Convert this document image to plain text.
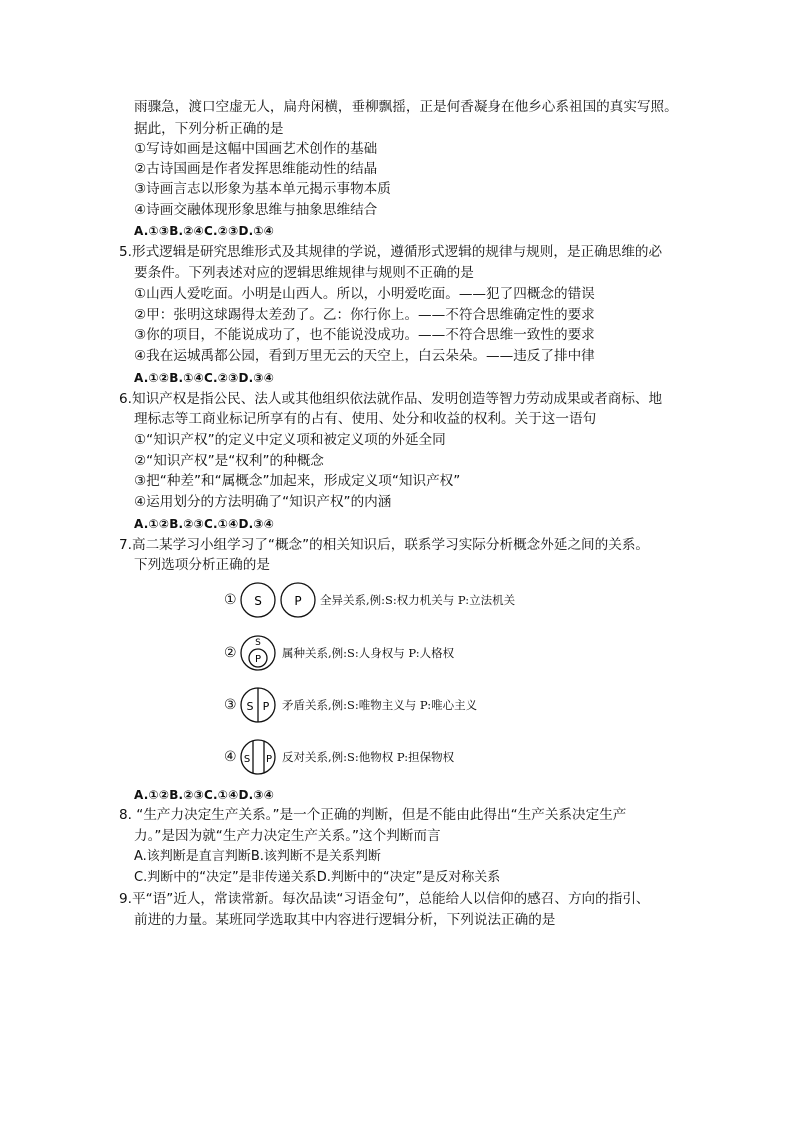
雨骤急，渡口空虚无人，扁舟闲横，垂柳飘摇，正是何香凝身在他乡心系祖国的真实写照。
据此，下列分析正确的是
①写诗如画是这幅中国画艺术创作的基础
②古诗国画是作者发挥思维能动性的结晶
③诗画言志以形象为基本单元揭示事物本质
④诗画交融体现形象思维与抽象思维结合
A.①③B.②④C.②③D.①④
5.形式逻辑是研究思维形式及其规律的学说，遵循形式逻辑的规律与规则，是正确思维的必
要条件。下列表述对应的逻辑思维规律与规则不正确的是
①山西人爱吃面。小明是山西人。所以，小明爱吃面。——犯了四概念的错误
②甲：张明这球踢得太差劲了。乙：你行你上。——不符合思维确定性的要求
③你的项目，不能说成功了，也不能说没成功。——不符合思维一致性的要求
④我在运城禹都公园，看到万里无云的天空上，白云朵朵。——违反了排中律
A.①②B.①④C.②③D.③④
6.知识产权是指公民、法人或其他组织依法就作品、发明创造等智力劳动成果或者商标、地
理标志等工商业标记所享有的占有、使用、处分和收益的权利。关于这一语句
①“知识产权”的定义中定义项和被定义项的外延全同
②“知识产权”是“权利”的种概念
③把“种差”和“属概念”加起来，形成定义项“知识产权”
④运用划分的方法明确了“知识产权”的内涵
A.①②B.②③C.①④D.③④
7.高二某学习小组学习了“概念”的相关知识后，联系学习实际分析概念外延之间的关系。
下列选项分析正确的是
① S	P 全异关系,例:S:权力机关与 P:立法机关
②
S
P 属种关系,例:S:人身权与 P:人格权
③ S P 矛盾关系,例:S:唯物主义与 P:唯心主义
④ S P 反对关系,例:S:他物权 P:担保物权
A.①②B.②③C.①④D.③④
8. “生产力决定生产关系。”是一个正确的判断，但是不能由此得出“生产关系决定生产
力。”是因为就“生产力决定生产关系。”这个判断而言
A.该判断是直言判断B.该判断不是关系判断
C.判断中的“决定”是非传递关系D.判断中的“决定”是反对称关系
9.平“语”近人，常读常新。每次品读“习语金句”，总能给人以信仰的感召、方向的指引、
前进的力量。某班同学选取其中内容进行逻辑分析，下列说法正确的是
